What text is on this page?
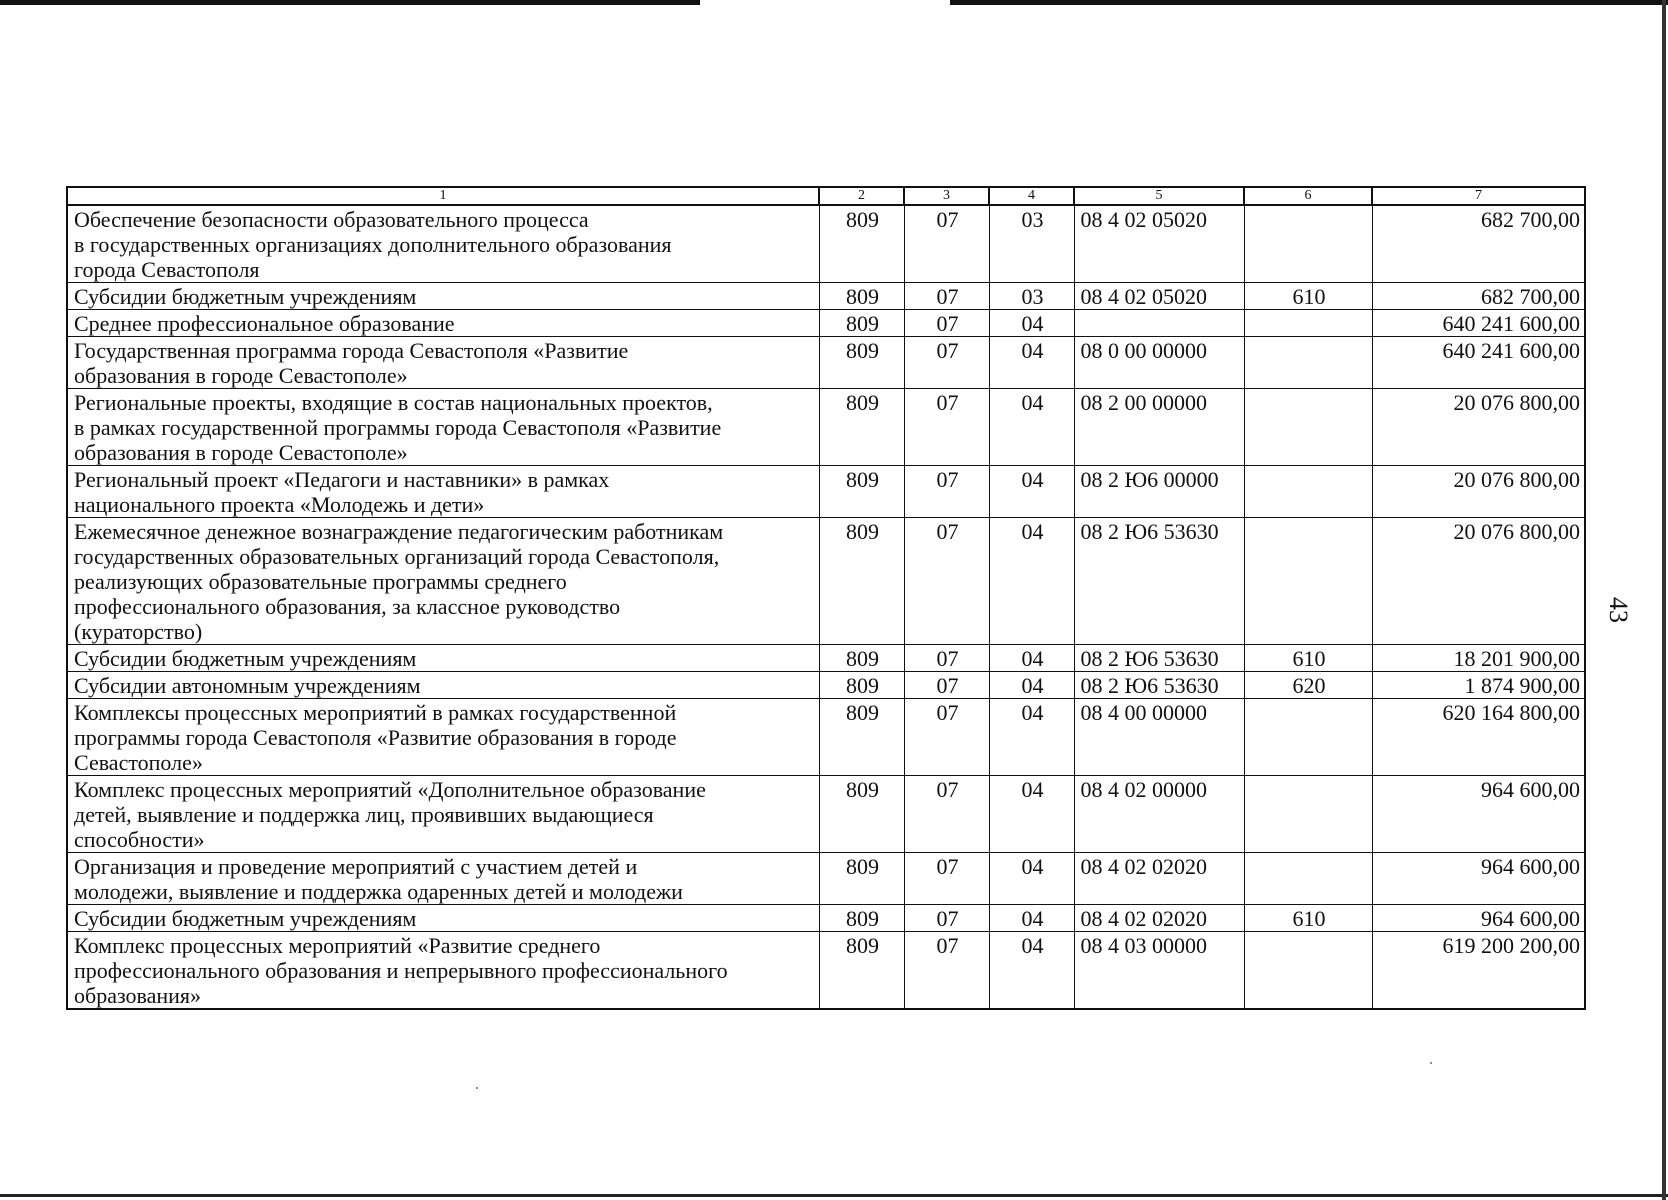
1	2	3	4	5	6	7
Обеспечение безопасности образовательного процесса
в государственных организациях дополнительного образования
города Севастополя	809	07	03	08 4 02 05020		682 700,00
Субсидии бюджетным учреждениям	809	07	03	08 4 02 05020	610	682 700,00
Среднее профессиональное образование	809	07	04			640 241 600,00
Государственная программа города Севастополя «Развитие
образования в городе Севастополе»	809	07	04	08 0 00 00000		640 241 600,00
Региональные проекты, входящие в состав национальных проектов,
в рамках государственной программы города Севастополя «Развитие
образования в городе Севастополе»	809	07	04	08 2 00 00000		20 076 800,00
Региональный проект «Педагоги и наставники» в рамках
национального проекта «Молодежь и дети»	809	07	04	08 2 Ю6 00000		20 076 800,00
Ежемесячное денежное вознаграждение педагогическим работникам
государственных образовательных организаций города Севастополя,
реализующих образовательные программы среднего
профессионального образования, за классное руководство
(кураторство)	809	07	04	08 2 Ю6 53630		20 076 800,00
Субсидии бюджетным учреждениям	809	07	04	08 2 Ю6 53630	610	18 201 900,00
Субсидии автономным учреждениям	809	07	04	08 2 Ю6 53630	620	1 874 900,00
Комплексы процессных мероприятий в рамках государственной
программы города Севастополя «Развитие образования в городе
Севастополе»	809	07	04	08 4 00 00000		620 164 800,00
Комплекс процессных мероприятий «Дополнительное образование
детей, выявление и поддержка лиц, проявивших выдающиеся
способности»	809	07	04	08 4 02 00000		964 600,00
Организация и проведение мероприятий с участием детей и
молодежи, выявление и поддержка одаренных детей и молодежи	809	07	04	08 4 02 02020		964 600,00
Субсидии бюджетным учреждениям	809	07	04	08 4 02 02020	610	964 600,00
Комплекс процессных мероприятий «Развитие среднего
профессионального образования и непрерывного профессионального
образования»	809	07	04	08 4 03 00000		619 200 200,00
43
